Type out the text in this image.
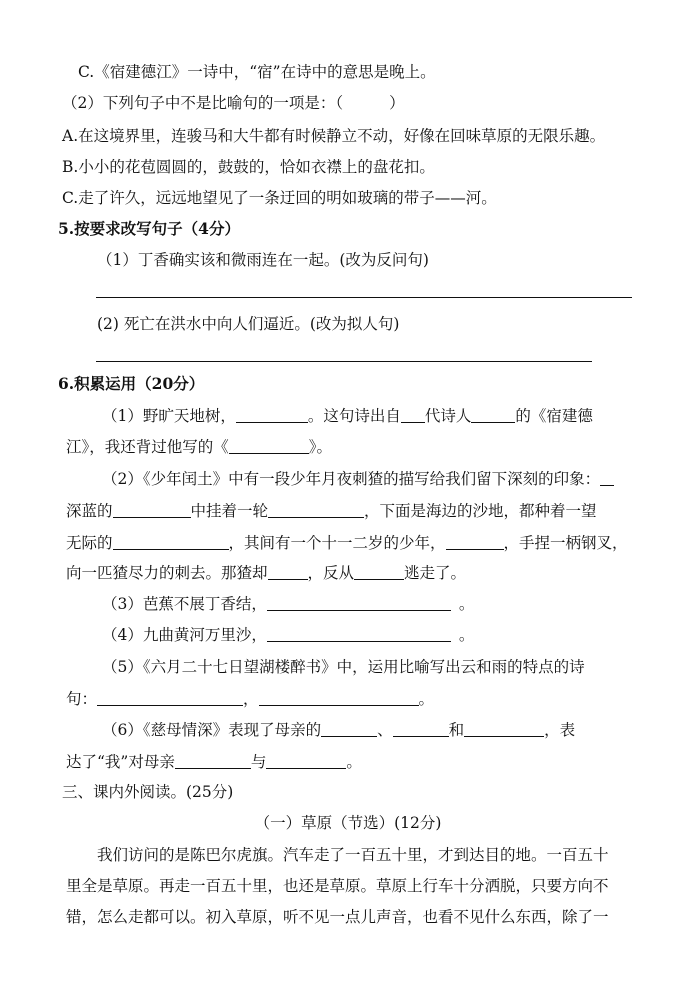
C.《宿建德江》一诗中，“宿”在诗中的意思是晚上。
（2）下列句子中不是比喻句的一项是：（	）
A.在这境界里，连骏马和大牛都有时候静立不动，好像在回味草原的无限乐趣。
B.小小的花苞圆圆的，鼓鼓的，恰如衣襟上的盘花扣。
C.走了许久，远远地望见了一条迂回的明如玻璃的带子——河。
5.按要求改写句子（4分）
（1）丁香确实该和微雨连在一起。(改为反问句)
(2) 死亡在洪水中向人们逼近。(改为拟人句)
6.积累运用（20分）
（1）野旷天地树，	。这句诗出自 代诗人	的《宿建德
江》，我还背过他写的《	》。
（2）《少年闰土》中有一段少年月夜刺猹的描写给我们留下深刻的印象：
深蓝的	中挂着一轮	，下面是海边的沙地，都种着一望
无际的	，其间有一个十一二岁的少年，	，手捏一柄钢叉，
向一匹猹尽力的刺去。那猹却	，反从	逃走了。
（3）芭蕉不展丁香结，	。
（4）九曲黄河万里沙，	。
（5）《六月二十七日望湖楼醉书》中，运用比喻写出云和雨的特点的诗
句：	，	。
（6）《慈母情深》表现了母亲的	、	和	，表
达了“我”对母亲	与	。
三、课内外阅读。(25分)
（一）草原（节选）(12分)
我们访问的是陈巴尔虎旗。汽车走了一百五十里，才到达目的地。一百五十
里全是草原。再走一百五十里，也还是草原。草原上行车十分洒脱，只要方向不
错，怎么走都可以。初入草原，听不见一点儿声音，也看不见什么东西，除了一
